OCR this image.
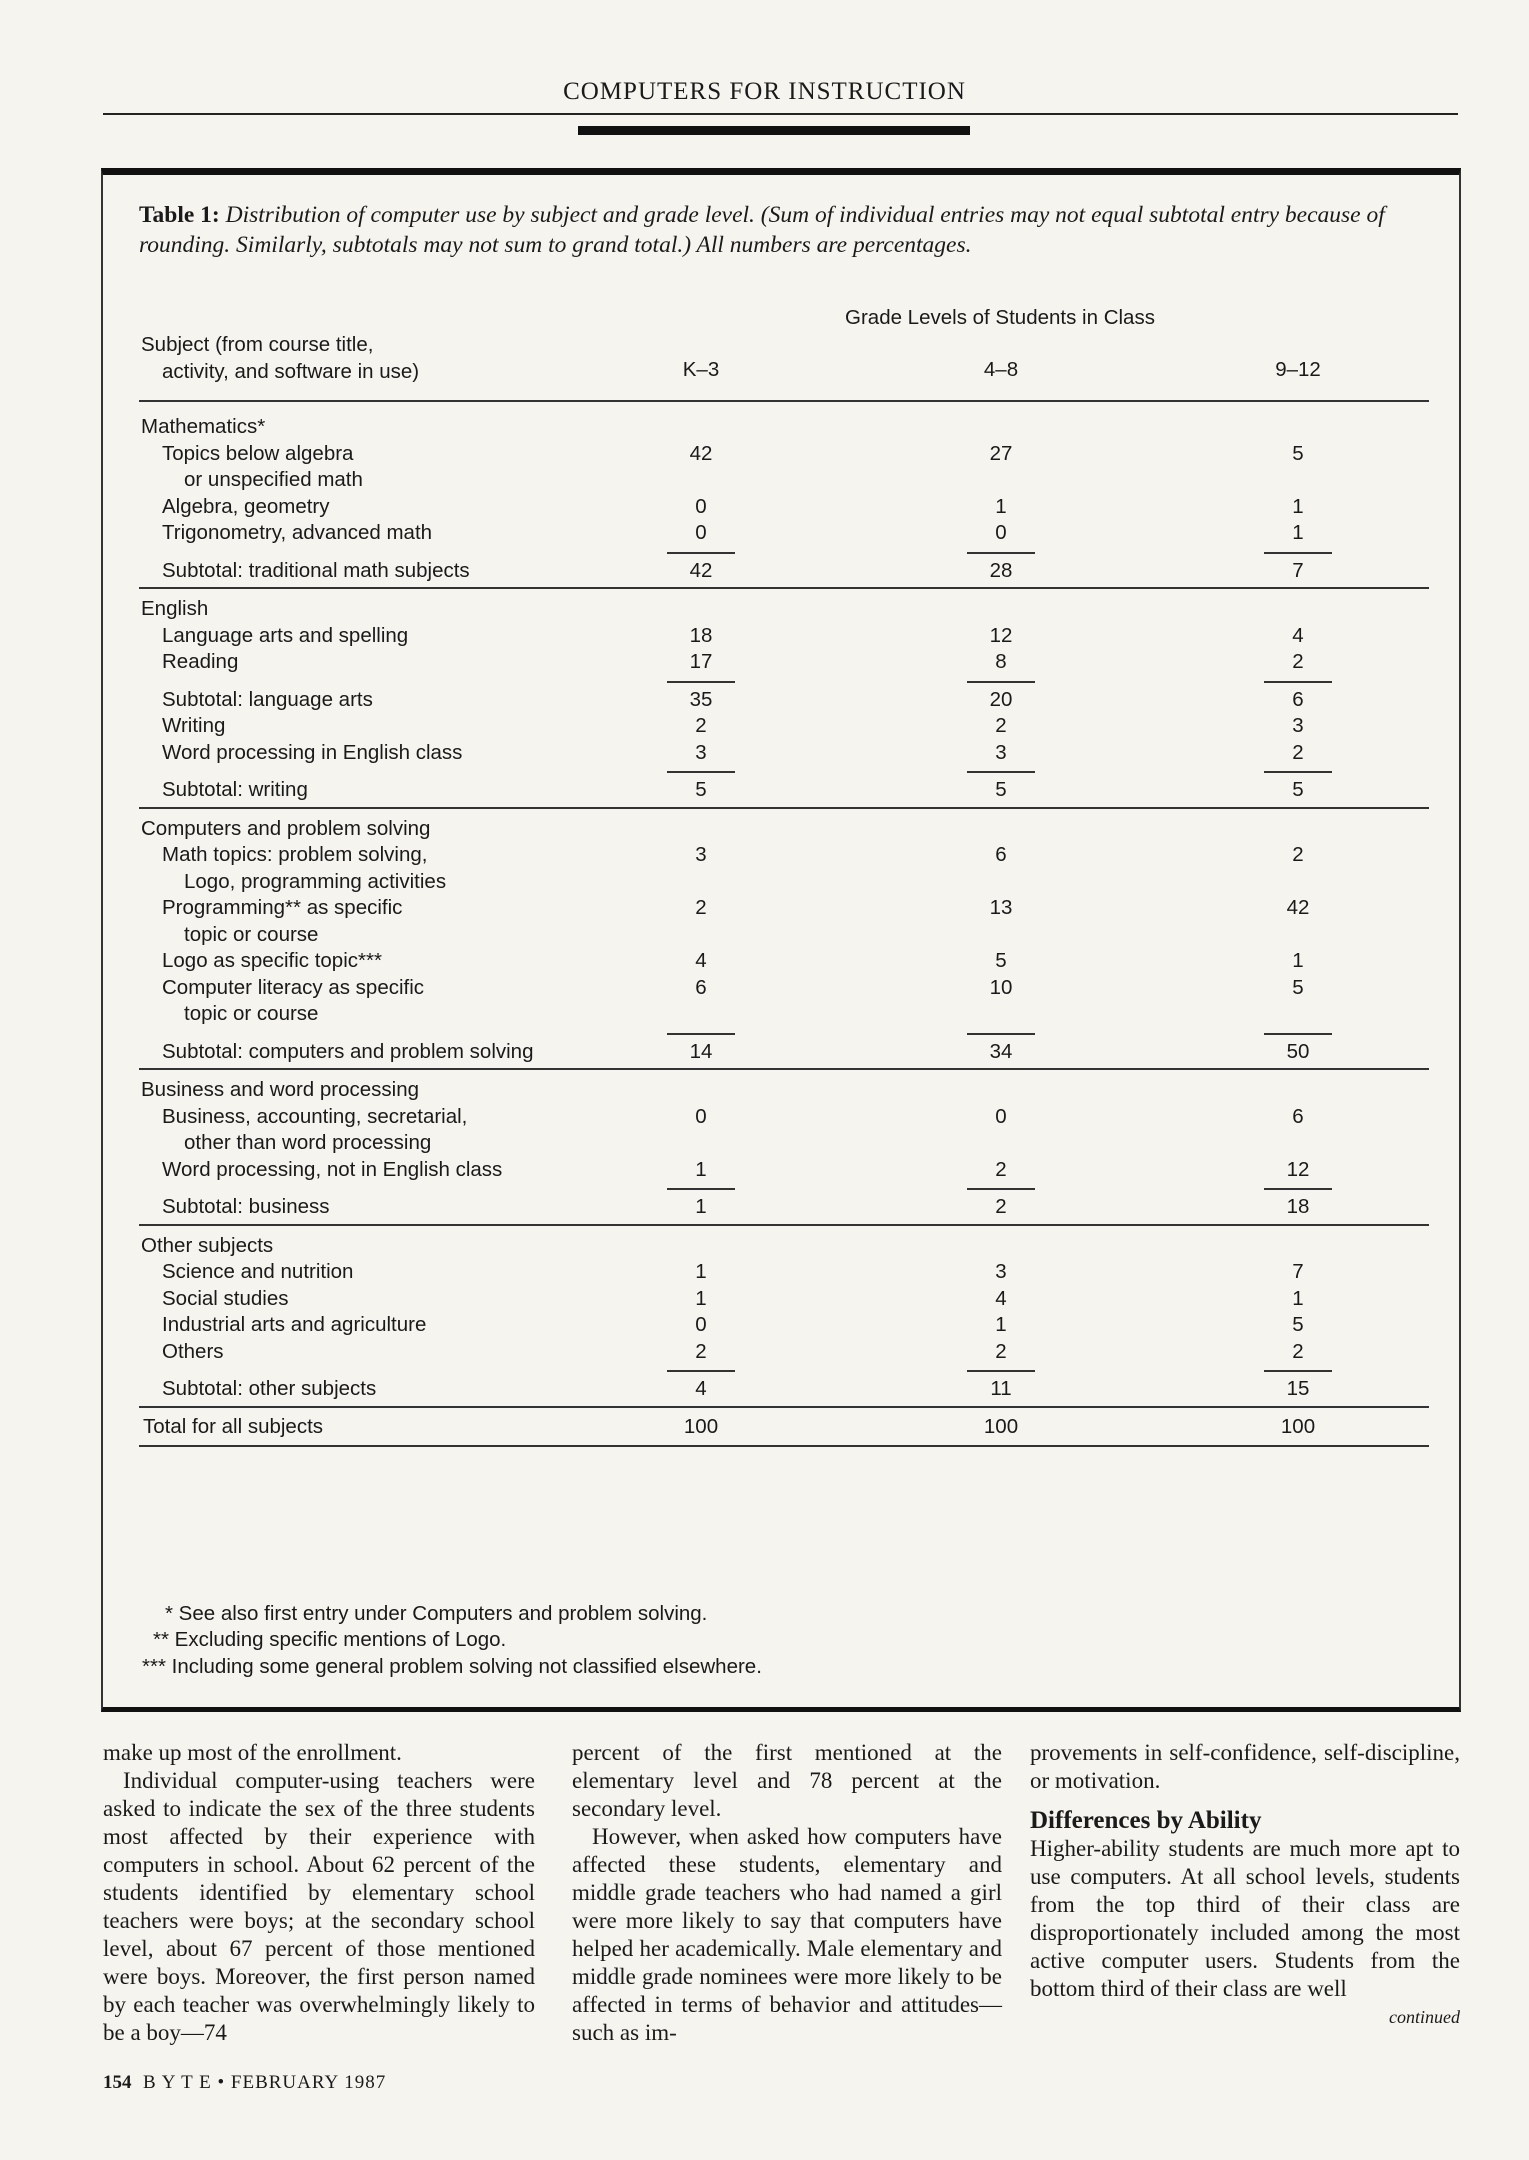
COMPUTERS FOR INSTRUCTION
Table 1: Distribution of computer use by subject and grade level. (Sum of individual entries may not equal subtotal entry because of rounding. Similarly, subtotals may not sum to grand total.) All numbers are percentages.
Grade Levels of Students in Class
Subject (from course title,
activity, and software in use)	K–3	4–8	9–12
Mathematics*
Topics below algebra	42	27	5
or unspecified math
Algebra, geometry	0	1	1
Trigonometry, advanced math	0	0	1
Subtotal: traditional math subjects	42	28	7
English
Language arts and spelling	18	12	4
Reading	17	8	2
Subtotal: language arts	35	20	6
Writing	2	2	3
Word processing in English class	3	3	2
Subtotal: writing	5	5	5
Computers and problem solving
Math topics: problem solving,	3	6	2
Logo, programming activities
Programming** as specific	2	13	42
topic or course
Logo as specific topic***	4	5	1
Computer literacy as specific	6	10	5
topic or course
Subtotal: computers and problem solving	14	34	50
Business and word processing
Business, accounting, secretarial,	0	0	6
other than word processing
Word processing, not in English class	1	2	12
Subtotal: business	1	2	18
Other subjects
Science and nutrition	1	3	7
Social studies	1	4	1
Industrial arts and agriculture	0	1	5
Others	2	2	2
Subtotal: other subjects	4	11	15
Total for all subjects	100	100	100
* See also first entry under Computers and problem solving.
** Excluding specific mentions of Logo.
*** Including some general problem solving not classified elsewhere.

make up most of the enrollment.

Individual computer-using teachers were asked to indicate the sex of the three students most affected by their experience with computers in school. About 62 percent of the students identified by elementary school teachers were boys; at the secondary school level, about 67 percent of those mentioned were boys. Moreover, the first person named by each teacher was overwhelmingly likely to be a boy—74

percent of the first mentioned at the elementary level and 78 percent at the secondary level.

However, when asked how computers have affected these students, elementary and middle grade teachers who had named a girl were more likely to say that computers have helped her academically. Male elementary and middle grade nominees were more likely to be affected in terms of behavior and attitudes—such as im-

provements in self-confidence, self-discipline, or motivation.

Differences by Ability

Higher-ability students are much more apt to use computers. At all school levels, students from the top third of their class are disproportionately included among the most active computer users. Students from the bottom third of their class are well

continued

154 B Y T E • FEBRUARY 1987
